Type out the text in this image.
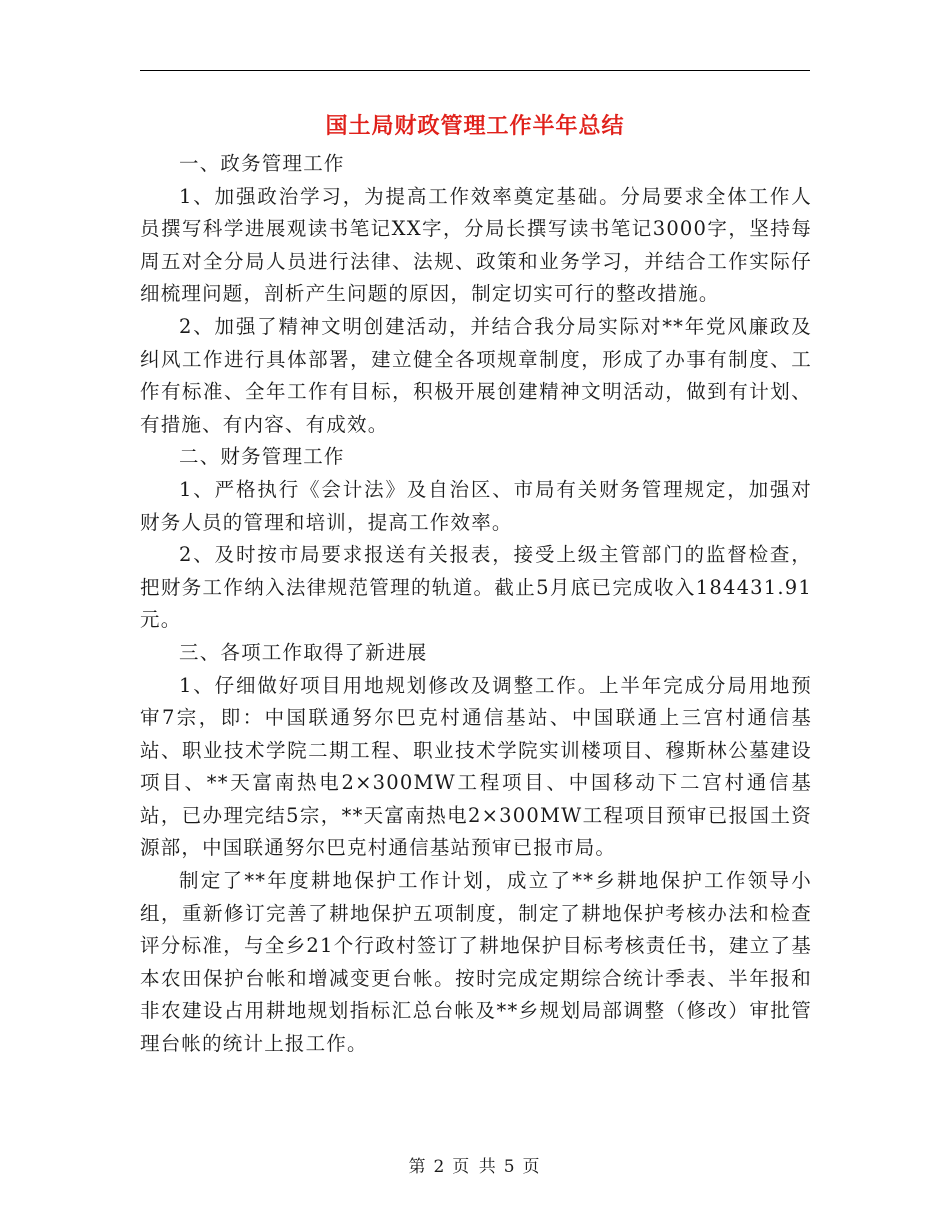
国土局财政管理工作半年总结

一、政务管理工作

1、加强政治学习，为提高工作效率奠定基础。分局要求全体工作人员撰写科学进展观读书笔记XX字，分局长撰写读书笔记3000字，坚持每周五对全分局人员进行法律、法规、政策和业务学习，并结合工作实际仔细梳理问题，剖析产生问题的原因，制定切实可行的整改措施。

2、加强了精神文明创建活动，并结合我分局实际对**年党风廉政及纠风工作进行具体部署，建立健全各项规章制度，形成了办事有制度、工作有标准、全年工作有目标，积极开展创建精神文明活动，做到有计划、有措施、有内容、有成效。

二、财务管理工作

1、严格执行《会计法》及自治区、市局有关财务管理规定，加强对财务人员的管理和培训，提高工作效率。

2、及时按市局要求报送有关报表，接受上级主管部门的监督检查，把财务工作纳入法律规范管理的轨道。截止5月底已完成收入184431.91元。

三、各项工作取得了新进展

1、仔细做好项目用地规划修改及调整工作。上半年完成分局用地预审7宗，即：中国联通努尔巴克村通信基站、中国联通上三宫村通信基站、职业技术学院二期工程、职业技术学院实训楼项目、穆斯林公墓建设项目、**天富南热电2×300MW工程项目、中国移动下二宫村通信基站，已办理完结5宗，**天富南热电2×300MW工程项目预审已报国土资源部，中国联通努尔巴克村通信基站预审已报市局。

制定了**年度耕地保护工作计划，成立了**乡耕地保护工作领导小组，重新修订完善了耕地保护五项制度，制定了耕地保护考核办法和检查评分标准，与全乡21个行政村签订了耕地保护目标考核责任书，建立了基本农田保护台帐和增减变更台帐。按时完成定期综合统计季表、半年报和非农建设占用耕地规划指标汇总台帐及**乡规划局部调整（修改）审批管理台帐的统计上报工作。

第 2 页 共 5 页
